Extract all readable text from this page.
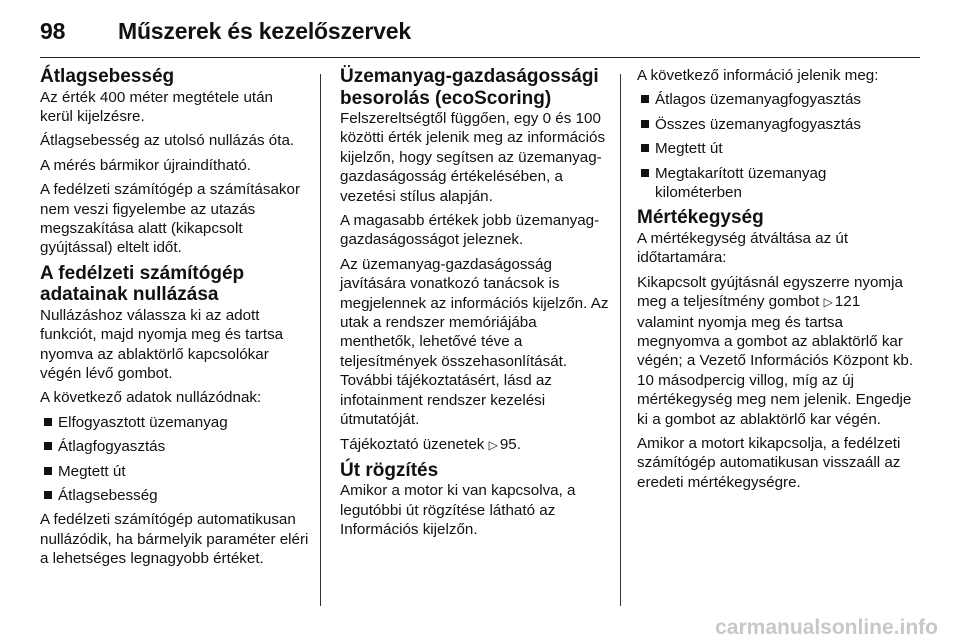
98	Műszerek és kezelőszervek
Átlagsebesség

Az érték 400 méter megtétele után kerül kijelzésre.

Átlagsebesség az utolsó nullázás óta.

A mérés bármikor újraindítható.

A fedélzeti számítógép a számításakor nem veszi figyelembe az utazás megszakítása alatt (kikapcsolt gyújtással) eltelt időt.

A fedélzeti számítógép adatainak nullázása

Nullázáshoz válassza ki az adott funkciót, majd nyomja meg és tartsa nyomva az ablaktörlő kapcsolókar végén lévő gombot.

A következő adatok nullázódnak:

Elfogyasztott üzemanyag
Átlagfogyasztás
Megtett út
Átlagsebesség

A fedélzeti számítógép automatikusan nullázódik, ha bármelyik paraméter eléri a lehetséges legnagyobb értéket.

Üzemanyag-gazdaságossági besorolás (ecoScoring)

Felszereltségtől függően, egy 0 és 100 közötti érték jelenik meg az információs kijelzőn, hogy segítsen az üzemanyag-gazdaságosság értékelésében, a vezetési stílus alapján.

A magasabb értékek jobb üzemanyag-gazdaságosságot jeleznek.

Az üzemanyag-gazdaságosság javítására vonatkozó tanácsok is megjelennek az információs kijelzőn. Az utak a rendszer memóriájába menthetők, lehetővé téve a teljesítmények összehasonlítását. További tájékoztatásért, lásd az infotainment rendszer kezelési útmutatóját.

Tájékoztató üzenetek ▷ 95.

Út rögzítés

Amikor a motor ki van kapcsolva, a legutóbbi út rögzítése látható az Információs kijelzőn.

A következő információ jelenik meg:

Átlagos üzemanyagfogyasztás
Összes üzemanyagfogyasztás
Megtett út
Megtakarított üzemanyag kilométerben
Mértékegység

A mértékegység átváltása az út időtartamára:

Kikapcsolt gyújtásnál egyszerre nyomja meg a teljesítmény gombot ▷ 121 valamint nyomja meg és tartsa megnyomva a gombot az ablaktörlő kar végén; a Vezető Információs Központ kb. 10 másodpercig villog, míg az új mértékegység meg nem jelenik. Engedje ki a gombot az ablaktörlő kar végén.

Amikor a motort kikapcsolja, a fedélzeti számítógép automatikusan visszaáll az eredeti mértékegységre.

carmanualsonline.info
